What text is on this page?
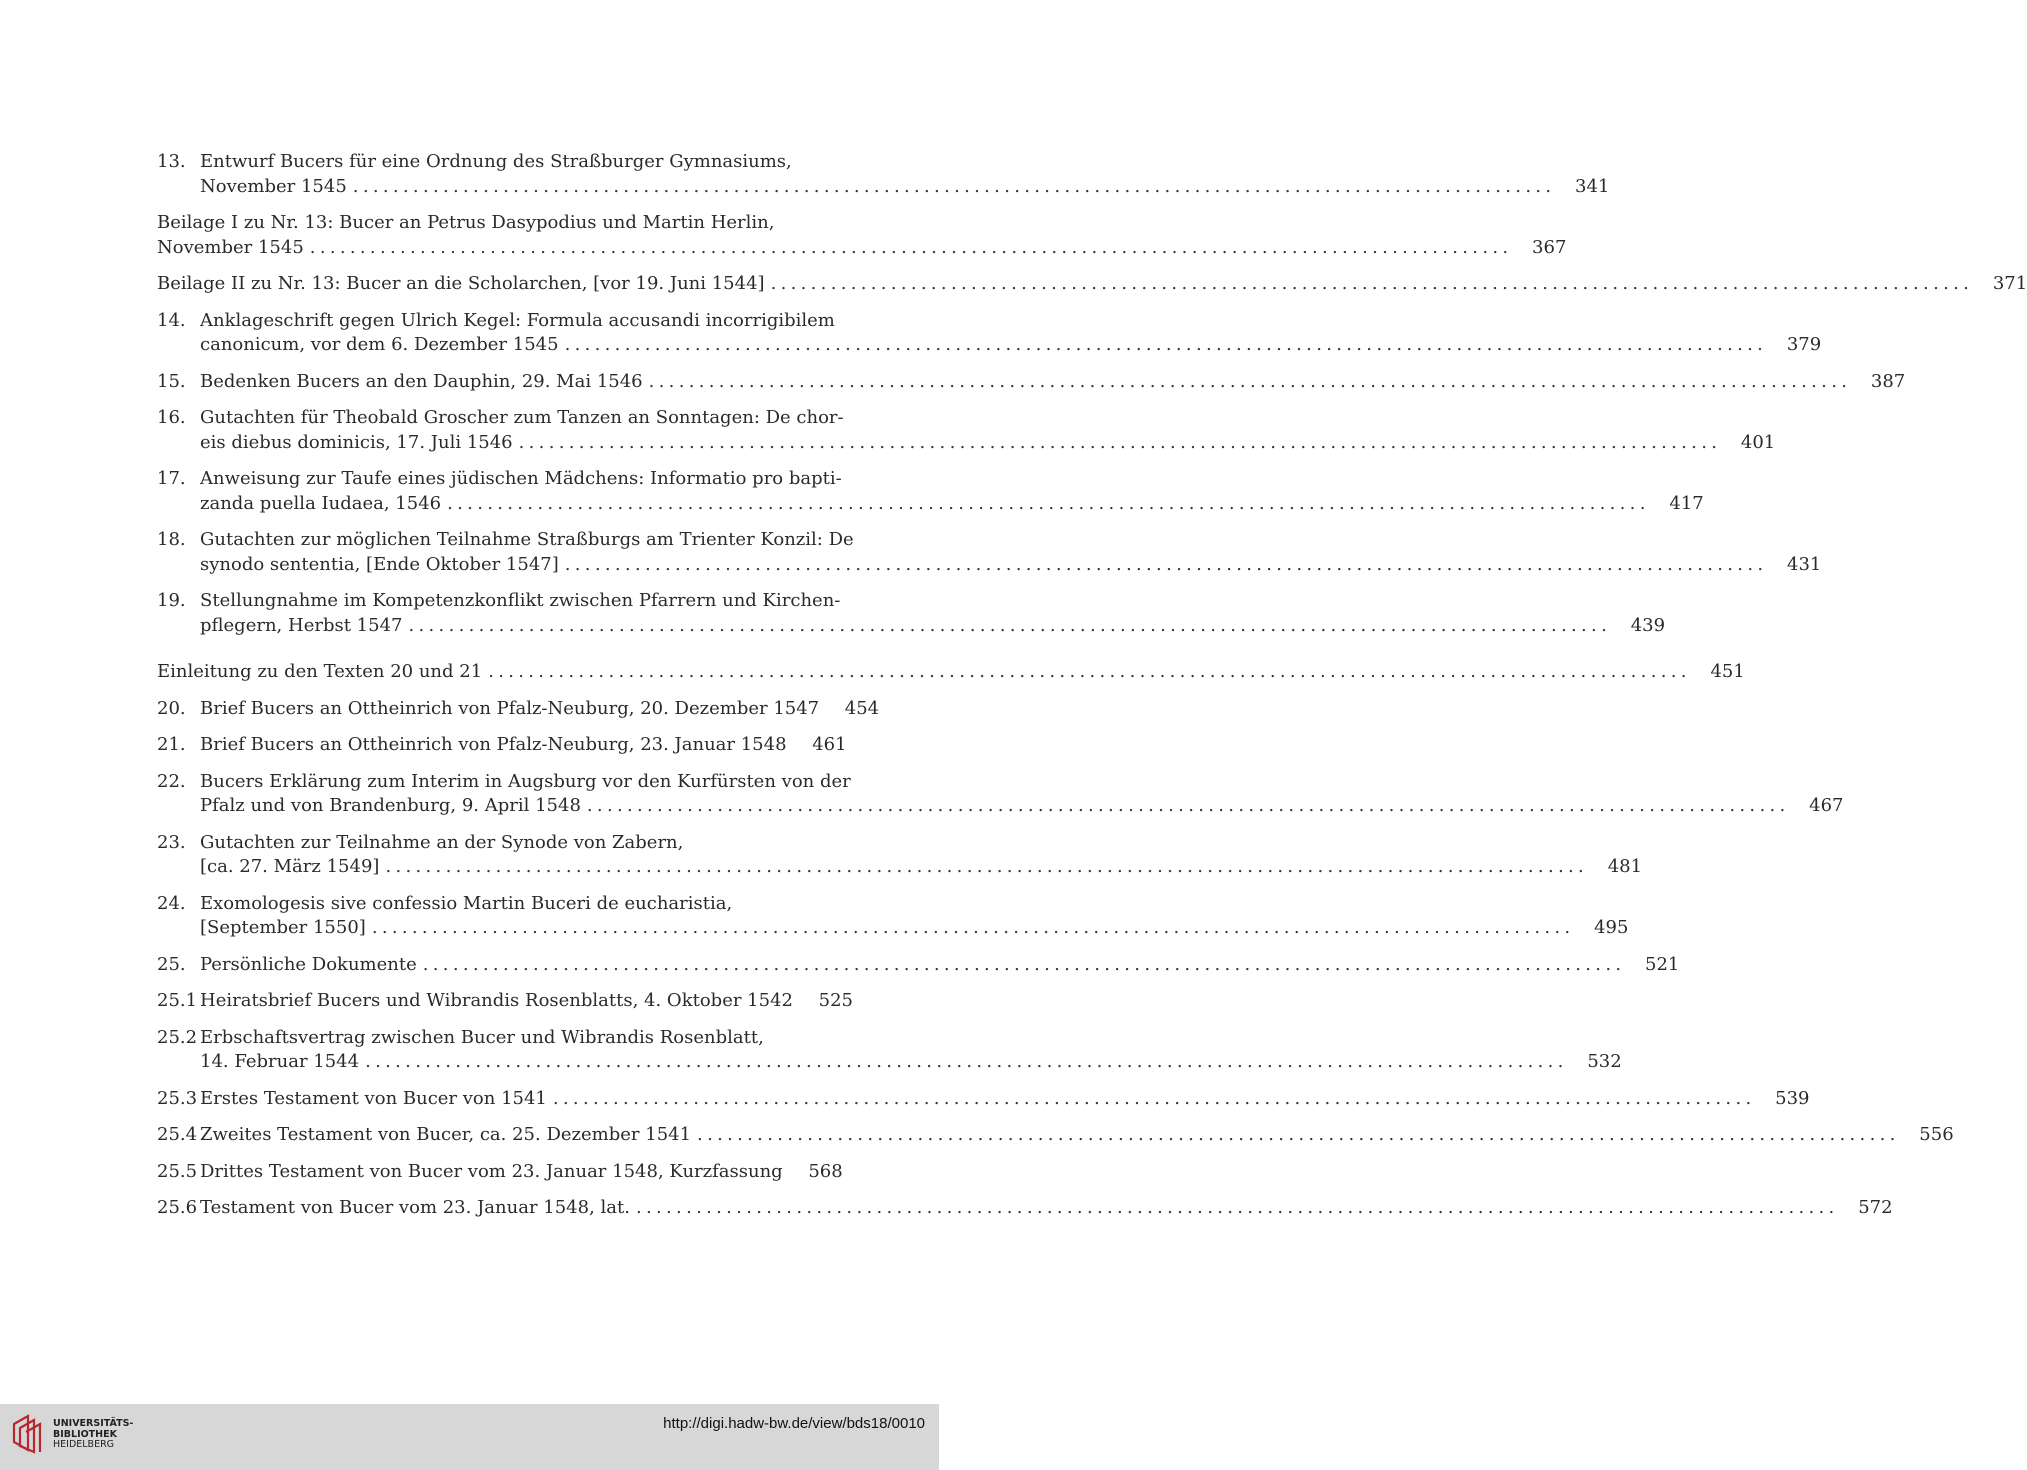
13. Entwurf Bucers für eine Ordnung des Straßburger Gymnasiums,
November 1545 ........................................................................................................................	341
Beilage I zu Nr. 13: Bucer an Petrus Dasypodius und Martin Herlin,
November 1545 ........................................................................................................................	367
Beilage II zu Nr. 13: Bucer an die Scholarchen, [vor 19. Juni 1544] ........................................................................................................................	371
14. Anklageschrift gegen Ulrich Kegel: Formula accusandi incorrigibilem
canonicum, vor dem 6. Dezember 1545 ........................................................................................................................	379
15. Bedenken Bucers an den Dauphin, 29. Mai 1546 ........................................................................................................................	387
16. Gutachten für Theobald Groscher zum Tanzen an Sonntagen: De chor-
eis diebus dominicis, 17. Juli 1546 ........................................................................................................................	401
17. Anweisung zur Taufe eines jüdischen Mädchens: Informatio pro bapti-
zanda puella Iudaea, 1546 ........................................................................................................................	417
18. Gutachten zur möglichen Teilnahme Straßburgs am Trienter Konzil: De
synodo sententia, [Ende Oktober 1547] ........................................................................................................................	431
19. Stellungnahme im Kompetenzkonflikt zwischen Pfarrern und Kirchen-
pflegern, Herbst 1547 ........................................................................................................................	439
Einleitung zu den Texten 20 und 21 ........................................................................................................................	451
20. Brief Bucers an Ottheinrich von Pfalz-Neuburg, 20. Dezember 1547	454
21. Brief Bucers an Ottheinrich von Pfalz-Neuburg, 23. Januar 1548	461
22. Bucers Erklärung zum Interim in Augsburg vor den Kurfürsten von der
Pfalz und von Brandenburg, 9. April 1548 ........................................................................................................................	467
23. Gutachten zur Teilnahme an der Synode von Zabern,
[ca. 27. März 1549] ........................................................................................................................	481
24. Exomologesis sive confessio Martin Buceri de eucharistia,
[September 1550] ........................................................................................................................	495
25. Persönliche Dokumente ........................................................................................................................	521
25.1 Heiratsbrief Bucers und Wibrandis Rosenblatts, 4. Oktober 1542	525
25.2 Erbschaftsvertrag zwischen Bucer und Wibrandis Rosenblatt,
14. Februar 1544 ........................................................................................................................	532
25.3 Erstes Testament von Bucer von 1541 ........................................................................................................................	539
25.4 Zweites Testament von Bucer, ca. 25. Dezember 1541 ........................................................................................................................	556
25.5 Drittes Testament von Bucer vom 23. Januar 1548, Kurzfassung	568
25.6 Testament von Bucer vom 23. Januar 1548, lat. ........................................................................................................................	572
UNIVERSITÄTS-
BIBLIOTHEK
HEIDELBERG
http://digi.hadw-bw.de/view/bds18/0010
